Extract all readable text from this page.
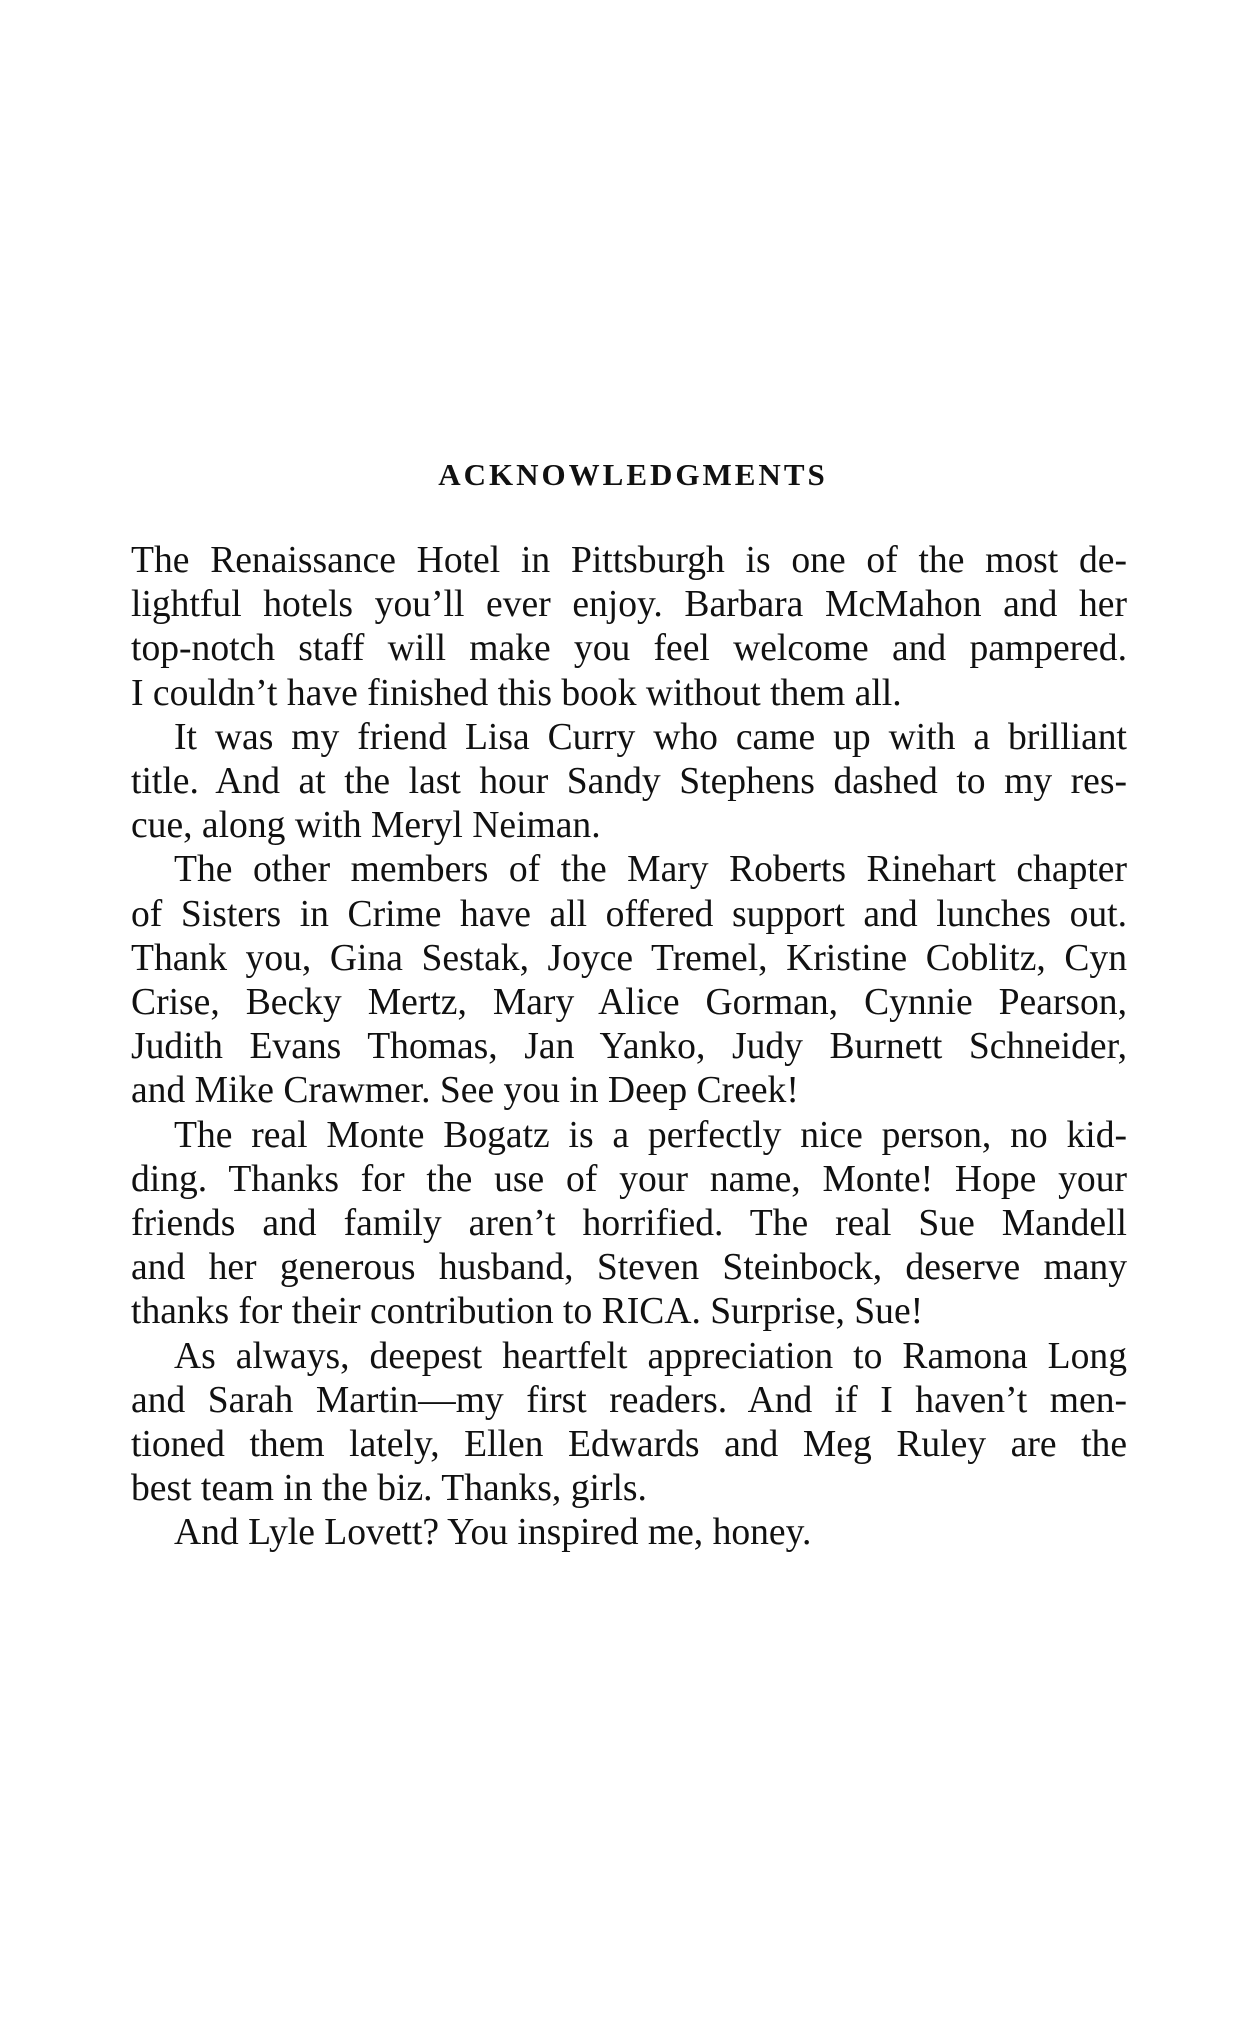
ACKNOWLEDGMENTS

The Renaissance Hotel in Pittsburgh is one of the most de-
lightful hotels you’ll ever enjoy. Barbara McMahon and her
top-notch staff will make you feel welcome and pampered.
I couldn’t have finished this book without them all.

It was my friend Lisa Curry who came up with a brilliant
title. And at the last hour Sandy Stephens dashed to my res-
cue, along with Meryl Neiman.

The other members of the Mary Roberts Rinehart chapter
of Sisters in Crime have all offered support and lunches out.
Thank you, Gina Sestak, Joyce Tremel, Kristine Coblitz, Cyn
Crise, Becky Mertz, Mary Alice Gorman, Cynnie Pearson,
Judith Evans Thomas, Jan Yanko, Judy Burnett Schneider,
and Mike Crawmer. See you in Deep Creek!

The real Monte Bogatz is a perfectly nice person, no kid-
ding. Thanks for the use of your name, Monte! Hope your
friends and family aren’t horrified. The real Sue Mandell
and her generous husband, Steven Steinbock, deserve many
thanks for their contribution to RICA. Surprise, Sue!

As always, deepest heartfelt appreciation to Ramona Long
and Sarah Martin—my first readers. And if I haven’t men-
tioned them lately, Ellen Edwards and Meg Ruley are the
best team in the biz. Thanks, girls.

And Lyle Lovett? You inspired me, honey.
